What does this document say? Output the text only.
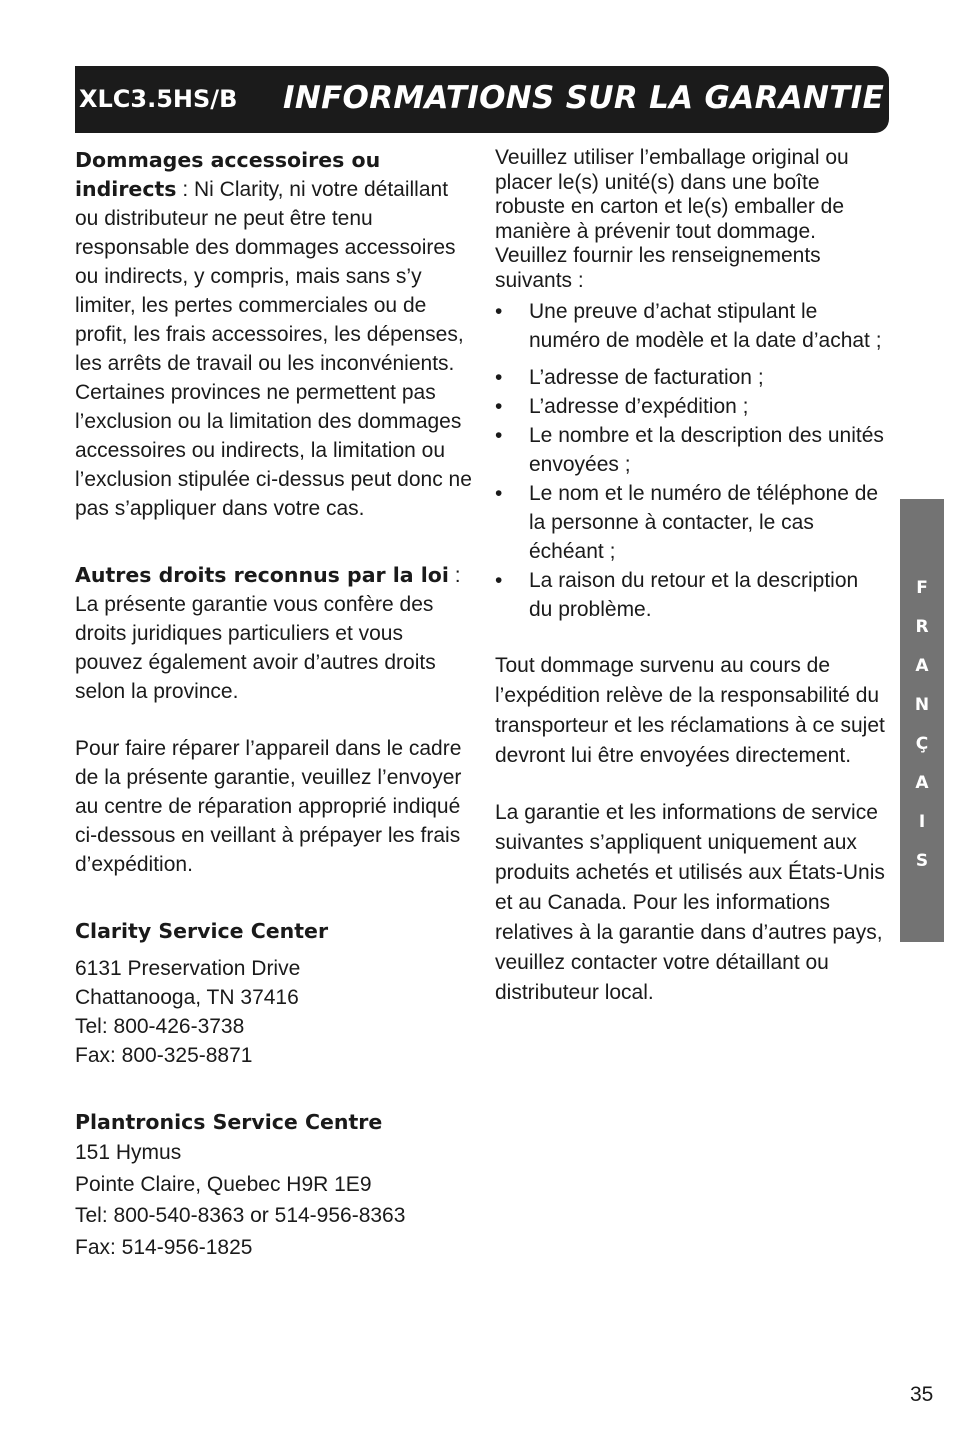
XLC3.5HS/B INFORMATIONS SUR LA GARANTIE

Dommages accessoires ou indirects : Ni Clarity, ni votre détaillant ou distributeur ne peut être tenu responsable des dommages accessoires ou indirects, y compris, mais sans s’y limiter, les pertes commerciales ou de profit, les frais accessoires, les dépenses, les arrêts de travail ou les inconvénients. Certaines provinces ne permettent pas l’exclusion ou la limitation des dommages accessoires ou indirects, la limitation ou l’exclusion stipulée ci-dessus peut donc ne pas s’appliquer dans votre cas.

Autres droits reconnus par la loi : La présente garantie vous confère des droits juridiques particuliers et vous pouvez également avoir d’autres droits selon la province.

Pour faire réparer l’appareil dans le cadre de la présente garantie, veuillez l’envoyer au centre de réparation approprié indiqué ci-dessous en veillant à prépayer les frais d’expédition.

Clarity Service Center

6131 Preservation Drive

Chattanooga, TN 37416

Tel: 800-426-3738

Fax: 800-325-8871

Plantronics Service Centre

151 Hymus

Pointe Claire, Quebec H9R 1E9

Tel: 800-540-8363 or 514-956-8363

Fax: 514-956-1825

Veuillez utiliser l’emballage original ou placer le(s) unité(s) dans une boîte robuste en carton et le(s) emballer de manière à prévenir tout dommage. Veuillez fournir les renseignements suivants :

• Une preuve d’achat stipulant le numéro de modèle et la date d’achat ;
• L’adresse de facturation ;
• L’adresse d’expédition ;
• Le nombre et la description des unités envoyées ;
• Le nom et le numéro de téléphone de la personne à contacter, le cas échéant ;
• La raison du retour et la description du problème.

Tout dommage survenu au cours de l’expédition relève de la responsabilité du transporteur et les réclamations à ce sujet devront lui être envoyées directement.

La garantie et les informations de service suivantes s’appliquent uniquement aux produits achetés et utilisés aux États-Unis et au Canada. Pour les informations relatives à la garantie dans d’autres pays, veuillez contacter votre détaillant ou distributeur local.

F
R
A
N
Ç
A
I
S
35
